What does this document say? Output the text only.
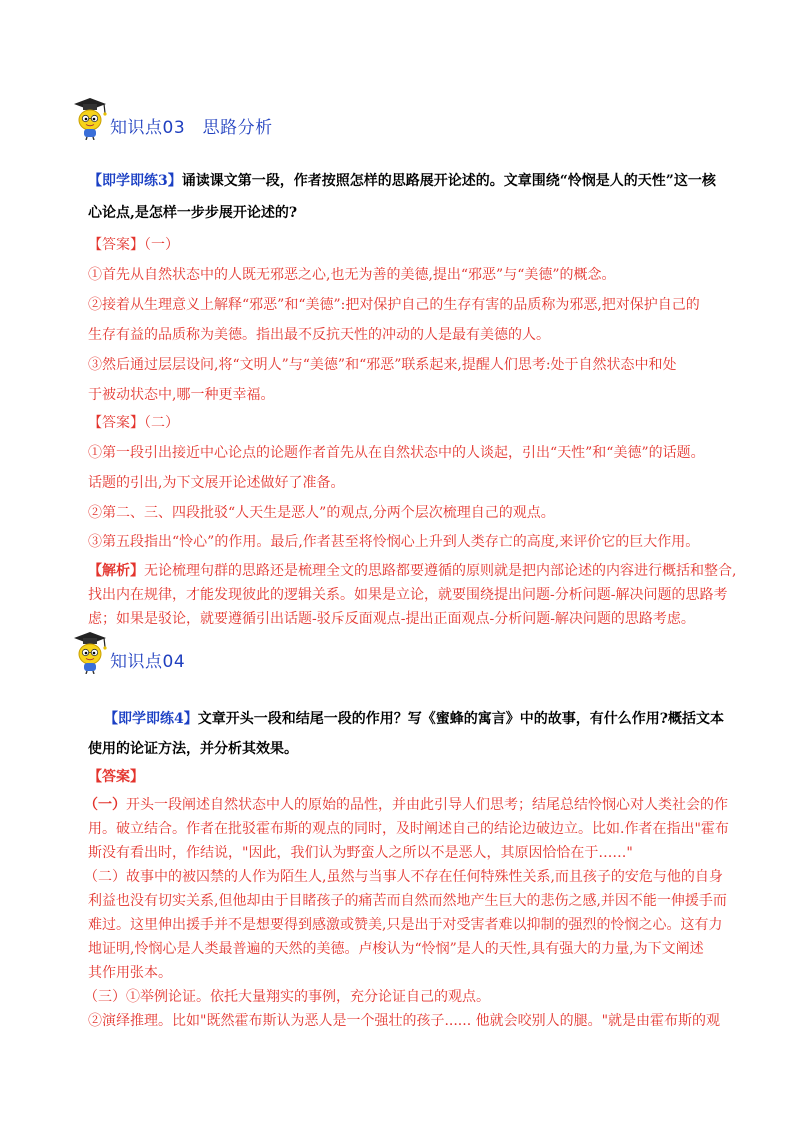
知识点03　思路分析
【即学即练3】诵读课文第一段，作者按照怎样的思路展开论述的。文章围绕“怜悯是人的天性”这一核
心论点,是怎样一步步展开论述的?
【答案】（一）
①首先从自然状态中的人既无邪恶之心,也无为善的美德,提出“邪恶”与“美德”的概念。
②接着从生理意义上解释“邪恶”和“美德”:把对保护自己的生存有害的品质称为邪恶,把对保护自己的
生存有益的品质称为美德。指出最不反抗天性的冲动的人是最有美德的人。
③然后通过层层设问,将“文明人”与“美德”和“邪恶”联系起来,提醒人们思考:处于自然状态中和处
于被动状态中,哪一种更幸福。
【答案】（二）
①第一段引出接近中心论点的论题作者首先从在自然状态中的人谈起，引出“天性”和“美德”的话题。
话题的引出,为下文展开论述做好了准备。
②第二、三、四段批驳“人天生是恶人”的观点,分两个层次梳理自己的观点。
③第五段指出“怜心”的作用。最后,作者甚至将怜悯心上升到人类存亡的高度,来评价它的巨大作用。
【解析】无论梳理句群的思路还是梳理全文的思路都要遵循的原则就是把内部论述的内容进行概括和整合,
找出内在规律，才能发现彼此的逻辑关系。如果是立论，就要围绕提出问题-分析问题-解决问题的思路考
虑；如果是驳论，就要遵循引出话题-驳斥反面观点-提出正面观点-分析问题-解决问题的思路考虑。
知识点04
【即学即练4】文章开头一段和结尾一段的作用？写《蜜蜂的寓言》中的故事，有什么作用?概括文本
使用的论证方法，并分析其效果。
【答案】
（一）开头一段阐述自然状态中人的原始的品性，并由此引导人们思考；结尾总结怜悯心对人类社会的作
用。破立结合。作者在批驳霍布斯的观点的同时，及时阐述自己的结论边破边立。比如.作者在指出"霍布
斯没有看出时，作结说，"因此，我们认为野蛮人之所以不是恶人，其原因恰恰在于……"
（二）故事中的被囚禁的人作为陌生人,虽然与当事人不存在任何特殊性关系,而且孩子的安危与他的自身
利益也没有切实关系,但他却由于目睹孩子的痛苦而自然而然地产生巨大的悲伤之感,并因不能一伸援手而
难过。这里伸出援手并不是想要得到感激或赞美,只是出于对受害者难以抑制的强烈的怜悯之心。这有力
地证明,怜悯心是人类最普遍的天然的美德。卢梭认为“怜悯”是人的天性,具有强大的力量,为下文阐述
其作用张本。
（三）①举例论证。依托大量翔实的事例，充分论证自己的观点。
②演绎推理。比如"既然霍布斯认为恶人是一个强壮的孩子...... 他就会咬别人的腿。"就是由霍布斯的观
